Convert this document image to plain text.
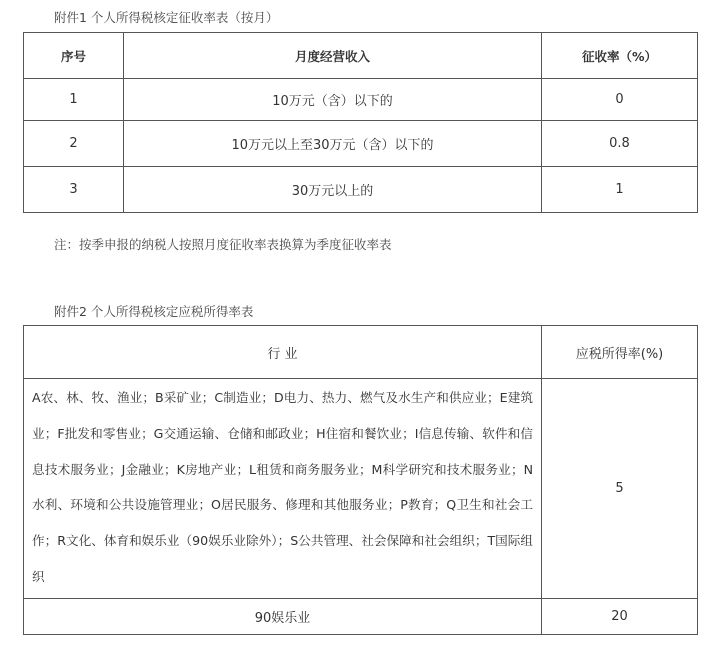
附件1 个人所得税核定征收率表（按月）
序号	月度经营收入	征收率（%）
1	10万元（含）以下的	0
2	10万元以上至30万元（含）以下的	0.8
3	30万元以上的	1
注：按季申报的纳税人按照月度征收率表换算为季度征收率表
附件2 个人所得税核定应税所得率表
行 业	应税所得率(%)
A农、林、牧、渔业；B采矿业；C制造业；D电力、热力、燃气及水生产和供应业；E建筑业；F批发和零售业；G交通运输、仓储和邮政业；H住宿和餐饮业；I信息传输、软件和信息技术服务业；J金融业；K房地产业；L租赁和商务服务业；M科学研究和技术服务业；N水利、环境和公共设施管理业；O居民服务、修理和其他服务业；P教育；Q卫生和社会工作；R文化、体育和娱乐业（90娱乐业除外）；S公共管理、社会保障和社会组织；T国际组织	5
90娱乐业	20
